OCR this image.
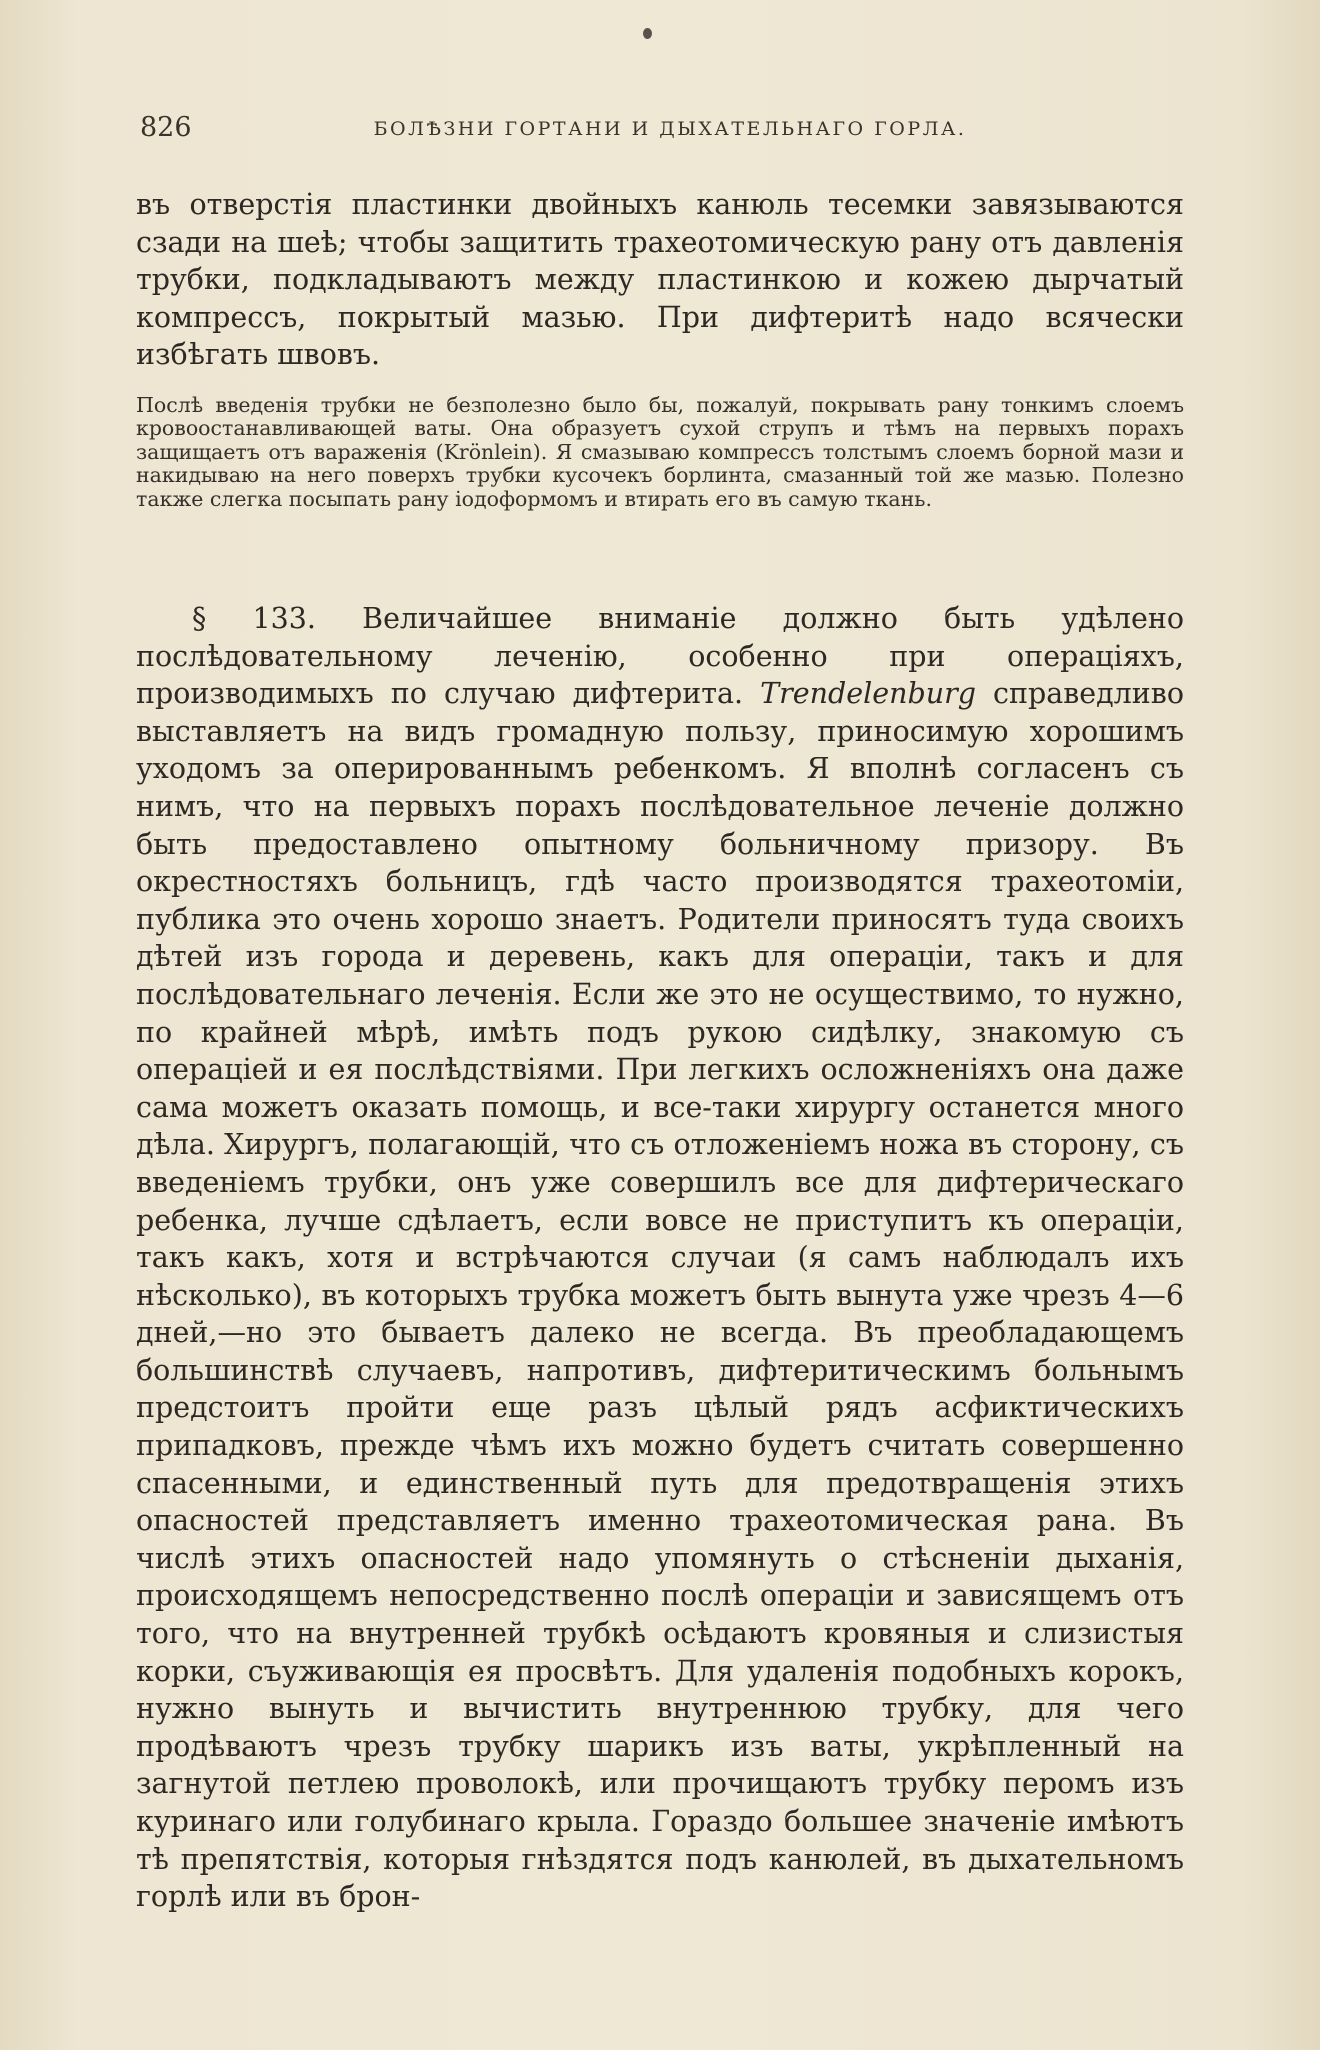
826	БОЛѢЗНИ ГОРТАНИ И ДЫХАТЕЛЬНАГО ГОРЛА.

въ отверстія пластинки двойныхъ канюль тесемки завязываются сзади на шеѣ; чтобы защитить трахеотомическую рану отъ давленія трубки, подкладываютъ между пластинкою и кожею дырчатый компрессъ, покрытый мазью. При дифтеритѣ надо всячески избѣгать швовъ.

Послѣ введенія трубки не безполезно было бы, пожалуй, покрывать рану тонкимъ слоемъ кровоостанавливающей ваты. Она образуетъ сухой струпъ и тѣмъ на первыхъ порахъ защищаетъ отъ вараженія (Krönlein). Я смазываю компрессъ толстымъ слоемъ борной мази и накидываю на него поверхъ трубки кусочекъ борлинта, смазанный той же мазью. Полезно также слегка посыпать рану іодоформомъ и втирать его въ самую ткань.

§ 133. Величайшее вниманіе должно быть удѣлено послѣдовательному леченію, особенно при операціяхъ, производимыхъ по случаю дифтерита. Trendelenburg справедливо выставляетъ на видъ громадную пользу, приносимую хорошимъ уходомъ за оперированнымъ ребенкомъ. Я вполнѣ согласенъ съ нимъ, что на первыхъ порахъ послѣдовательное леченіе должно быть предоставлено опытному больничному призору. Въ окрестностяхъ больницъ, гдѣ часто производятся трахеотоміи, публика это очень хорошо знаетъ. Родители приносятъ туда своихъ дѣтей изъ города и деревень, какъ для операціи, такъ и для послѣдовательнаго леченія. Если же это не осуществимо, то нужно, по крайней мѣрѣ, имѣть подъ рукою сидѣлку, знакомую съ операціей и ея послѣдствіями. При легкихъ осложненіяхъ она даже сама можетъ оказать помощь, и все-таки хирургу останется много дѣла. Хирургъ, полагающій, что съ отложеніемъ ножа въ сторону, съ введеніемъ трубки, онъ уже совершилъ все для дифтерическаго ребенка, лучше сдѣлаетъ, если вовсе не приступитъ къ операціи, такъ какъ, хотя и встрѣчаются случаи (я самъ наблюдалъ ихъ нѣсколько), въ которыхъ трубка можетъ быть вынута уже чрезъ 4—6 дней,—но это бываетъ далеко не всегда. Въ преобладающемъ большинствѣ случаевъ, напротивъ, дифтеритическимъ больнымъ предстоитъ пройти еще разъ цѣлый рядъ асфиктическихъ припадковъ, прежде чѣмъ ихъ можно будетъ считать совершенно спасенными, и единственный путь для предотвращенія этихъ опасностей представляетъ именно трахеотомическая рана. Въ числѣ этихъ опасностей надо упомянуть о стѣсненіи дыханія, происходящемъ непосредственно послѣ операціи и зависящемъ отъ того, что на внутренней трубкѣ осѣдаютъ кровяныя и слизистыя корки, съуживающія ея просвѣтъ. Для удаленія подобныхъ корокъ, нужно вынуть и вычистить внутреннюю трубку, для чего продѣваютъ чрезъ трубку шарикъ изъ ваты, укрѣпленный на загнутой петлею проволокѣ, или прочищаютъ трубку перомъ изъ куринаго или голубинаго крыла. Гораздо большее значеніе имѣютъ тѣ препятствія, которыя гнѣздятся подъ канюлей, въ дыхательномъ горлѣ или въ брон-
